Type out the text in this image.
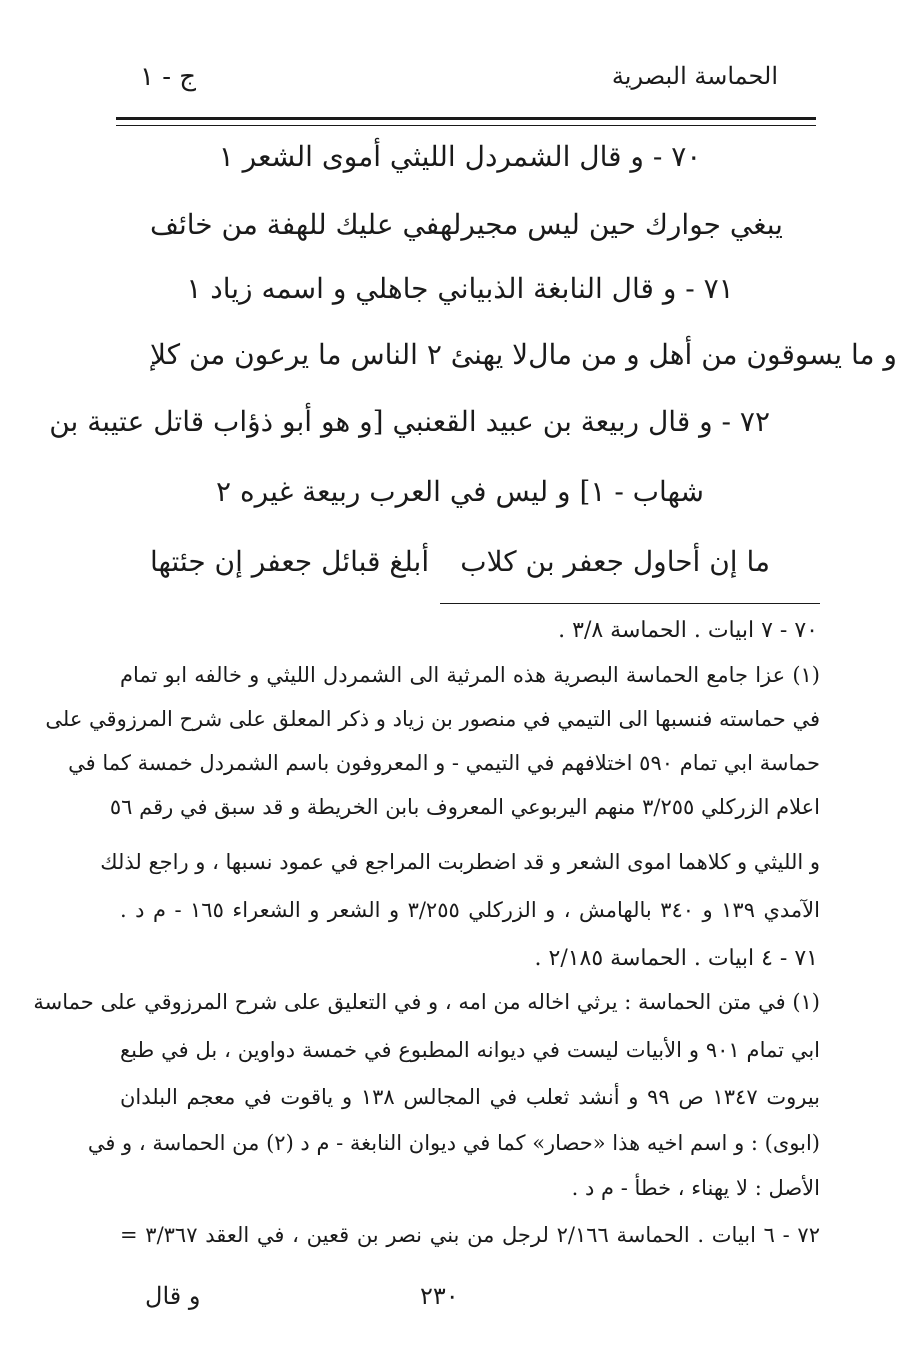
ج - ١	الحماسة البصرية
٧٠ - و قال الشمردل الليثي أموى الشعر ١
لهفي عليك للهفة من خائف يبغي جوارك حين ليس مجير
٧١ - و قال النابغة الذبياني جاهلي و اسمه زياد ١
لا يهنئ ٢ الناس ما يرعون من كلإ و ما يسوقون من أهل و من مال
٧٢ - و قال ربيعة بن عبيد القعنبي [و هو أبو ذؤاب قاتل عتيبة بن
شهاب - ١] و ليس في العرب ربيعة غيره ٢
أبلغ قبائل جعفر إن جئتها ما إن أحاول جعفر بن كلاب
٧٠ - ٧ ابيات . الحماسة ٣/٨ .
(١) عزا جامع الحماسة البصرية هذه المرثية الى الشمردل الليثي و خالفه ابو تمام
في حماسته فنسبها الى التيمي في منصور بن زياد و ذكر المعلق على شرح المرزوقي على
حماسة ابي تمام ٥٩٠ اختلافهم في التيمي - و المعروفون باسم الشمردل خمسة كما في
اعلام الزركلي ٣/٢٥٥ منهم اليربوعي المعروف بابن الخريطة و قد سبق في رقم ٥٦
و الليثي و كلاهما اموى الشعر و قد اضطربت المراجع في عمود نسبها ، و راجع لذلك
الآمدي ١٣٩ و ٣٤٠ بالهامش ، و الزركلي ٣/٢٥٥ و الشعر و الشعراء ١٦٥ - م د .
٧١ - ٤ ابيات . الحماسة ٢/١٨٥ .
(١) في متن الحماسة : يرثي اخاله من امه ، و في التعليق على شرح المرزوقي على حماسة
ابي تمام ٩٠١ و الأبيات ليست في ديوانه المطبوع في خمسة دواوين ، بل في طبع
بيروت ١٣٤٧ ص ٩٩ و أنشد ثعلب في المجالس ١٣٨ و ياقوت في معجم البلدان
(ابوى) : و اسم اخيه هذا «حصار» كما في ديوان النابغة - م د (٢) من الحماسة ، و في
الأصل : لا يهناء ، خطأ - م د .
٧٢ - ٦ ابيات . الحماسة ٢/١٦٦ لرجل من بني نصر بن قعين ، في العقد ٣/٣٦٧ =
٢٣٠
و قال
